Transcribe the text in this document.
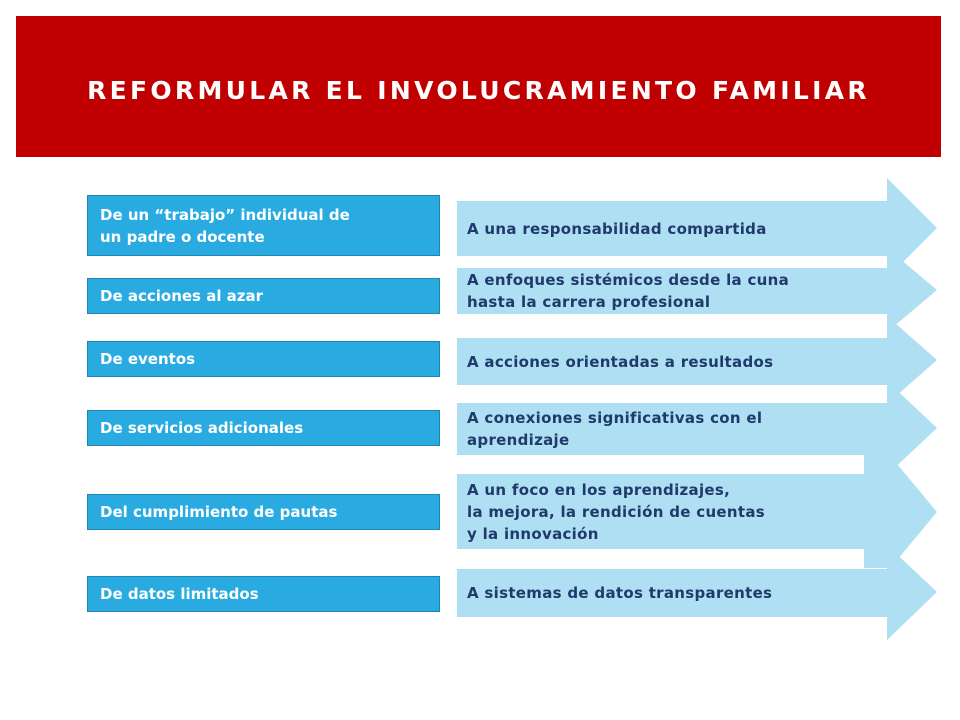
REFORMULAR EL INVOLUCRAMIENTO FAMILIAR
De un “trabajo” individual de
un padre o docente
De acciones al azar
De eventos
De servicios adicionales
Del cumplimiento de pautas
De datos limitados
A una responsabilidad compartida
A enfoques sistémicos desde la cuna
hasta la carrera profesional
A acciones orientadas a resultados
A conexiones significativas con el
aprendizaje
A un foco en los aprendizajes,
la mejora, la rendición de cuentas
y la innovación
A sistemas de datos transparentes
